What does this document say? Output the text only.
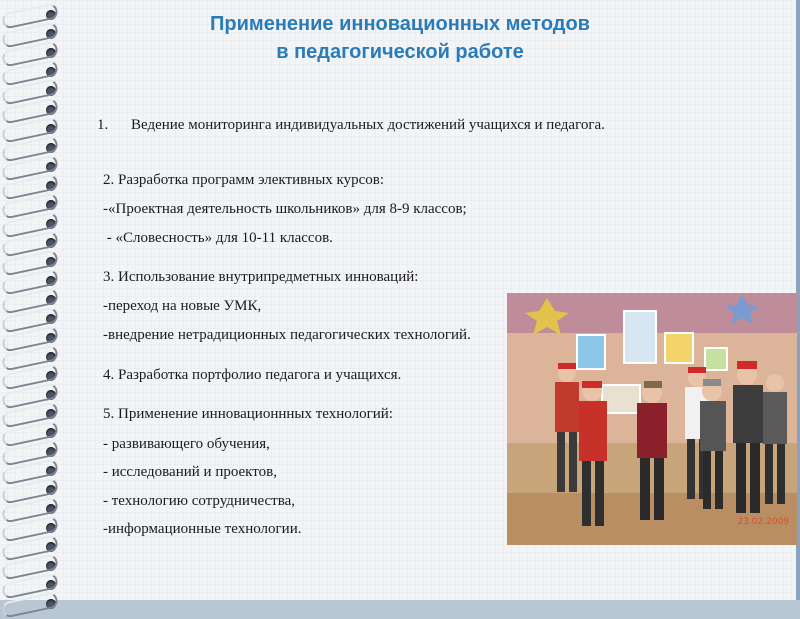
Применение инновационных методов
в педагогической работе
1. Ведение мониторинга индивидуальных достижений учащихся и педагога.
2. Разработка программ элективных курсов:
-«Проектная деятельность школьников» для 8-9 классов;
- «Словесность» для 10-11 классов.
3. Использование внутрипредметных инноваций:
-переход на новые УМК,
-внедрение нетрадиционных педагогических технологий.
4. Разработка портфолио педагога и учащихся.
5. Применение инновационнных технологий:
- развивающего обучения,
- исследований и проектов,
- технологию сотрудничества,
-информационные технологии.	23.02.2009
